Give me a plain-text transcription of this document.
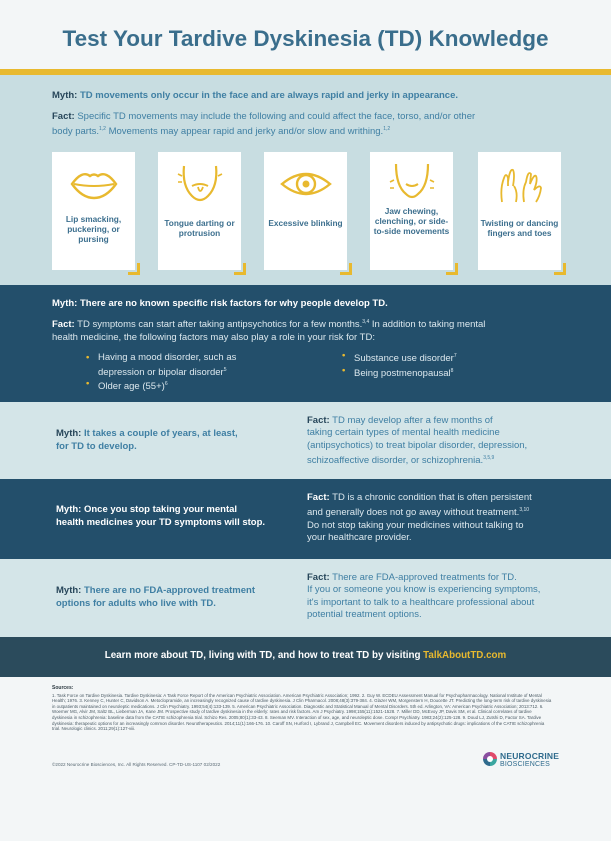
Test Your Tardive Dyskinesia (TD) Knowledge
Myth: TD movements only occur in the face and are always rapid and jerky in appearance.
Fact: Specific TD movements may include the following and could affect the face, torso, and/or other
body parts.$^{1,2}$ Movements may appear rapid and jerky and/or slow and writhing.$^{1,2}$
Lip smacking, puckering, or pursing
Tongue darting or protrusion
Excessive blinking
Jaw chewing, clenching, or side-to-side movements
Twisting or dancing fingers and toes
Myth: There are no known specific risk factors for why people develop TD.
Fact: TD symptoms can start after taking antipsychotics for a few months.$^{3,4}$ In addition to taking mental
health medicine, the following factors may also play a role in your risk for TD:
• Having a mood disorder, such as
depression or bipolar disorder$^5$
• Older age $(55+)^6$
• Substance use disorder$^7$
• Being postmenopausal$^8$
Myth: It takes a couple of years, at least,
for TD to develop.
Fact: TD may develop after a few months of
taking certain types of mental health medicine
(antipsychotics) to treat bipolar disorder, depression,
schizoaffective disorder, or schizophrenia.$^{3,5,9}$
Myth: Once you stop taking your mental
health medicines your TD symptoms will stop.
Fact: TD is a chronic condition that is often persistent
and generally does not go away without treatment.$^{3,10}$
Do not stop taking your medicines without talking to
your healthcare provider.
Myth: There are no FDA-approved treatment
options for adults who live with TD.
Fact: There are FDA-approved treatments for TD.
If you or someone you know is experiencing symptoms,
it's important to talk to a healthcare professional about
potential treatment options.
Learn more about TD, living with TD, and how to treat TD by visiting TalkAboutTD.com
Sources:
1. Task Force on Tardive Dyskinesia. Tardive Dyskinesia: A Task Force Report of the American Psychiatric Association. American Psychiatric Association; 1992. 2. Guy W. ECDEU Assessment Manual for Psychopharmacology. National Institute of Mental Health; 1976. 3. Kenney C, Hunter C, Davidson A. Metoclopramide, an increasingly recognized cause of tardive dyskinesia. J Clin Pharmacol. 2008;48(3):379-384. 4. Glazer WM, Morgenstern H, Doucette JT. Predicting the long-term risk of tardive dyskinesia in outpatients maintained on neuroleptic medications. J Clin Psychiatry. 1993;54(4):133-139. 5. American Psychiatric Association. Diagnostic and Statistical Manual of Mental Disorders. 5th ed. Arlington, VA: American Psychiatric Association; 2013:712. 6. Woerner MG, Alvir JM, Saltz BL, Lieberman JA, Kane JM. Prospective study of tardive dyskinesia in the elderly: rates and risk factors. Am J Psychiatry. 1998;155(11):1521-1528. 7. Miller DD, McEvoy JP, Davis SM, et al. Clinical correlates of tardive dyskinesia in schizophrenia: baseline data from the CATIE schizophrenia trial. Schizo Res. 2005;80(1):33-43. 8. Seeman MV. Interaction of sex, age, and neuroleptic dose. Compr Psychiatry. 1983;24(2):125-128. 9. Doud LJ, Zutshi D, Factor SA. Tardive dyskinesia: therapeutic options for an increasingly common disorder. Neurotherapeutics. 2014;11(1):166-176. 10. Caroff SN, Hurford I, Lybrand J, Campbell EC. Movement disorders induced by antipsychotic drugs: implications of the CATIE schizophrenia trial. Neurologic clinics. 2011;29(1):127-viii.
©2022 Neurocrine Biosciences, Inc. All Rights Reserved. CP-TD-US-1107 02/2022
NEUROCRINE
BIOSCIENCES
